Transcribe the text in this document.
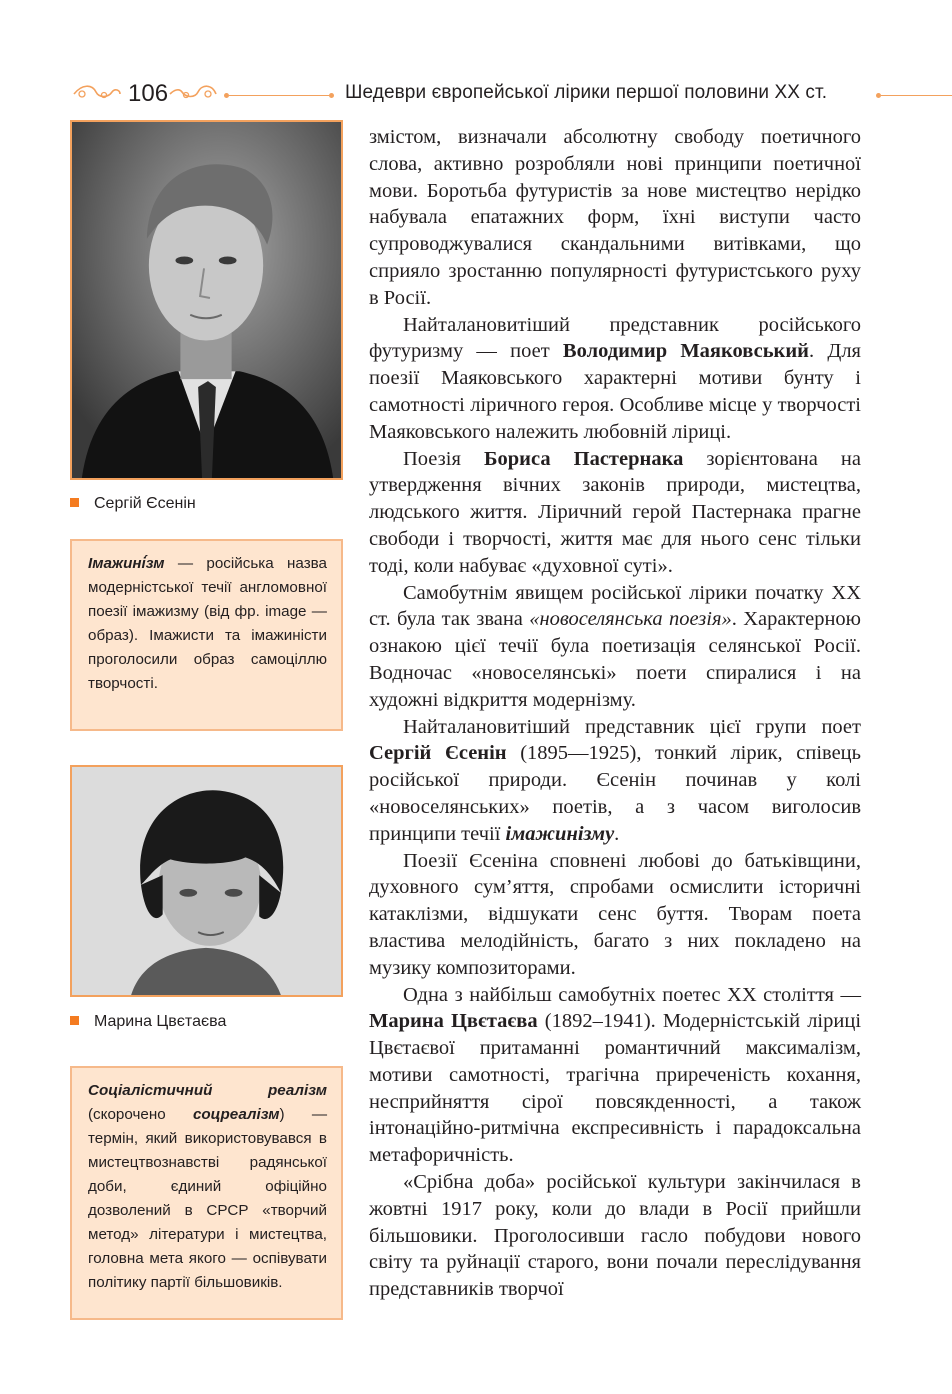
106	Шедеври європейської лірики першої половини ХХ ст.
Сергій Єсенін
Імажині́зм — російська назва модерністської течії англомовної поезії імажизму (від фр. image — образ). Імажисти та імажиністи проголосили образ самоціллю творчості.
Марина Цвєтаєва
Соціалістичний реалізм (скорочено соцреалізм) — термін, який використовувався в мистецтвознавстві радянської доби, єдиний офіційно дозволений в СРСР «творчий метод» літератури і мистецтва, головна мета якого — оспівувати політику партії більшовиків.

змістом, визначали абсолютну свободу поетичного слова, активно розробляли нові принципи поетичної мови. Боротьба футуристів за нове мистецтво нерідко набувала епатажних форм, їхні виступи часто супроводжувалися скандальними витівками, що сприяло зростанню популярності футуристського руху в Росії.

Найталановитіший представник російського футуризму — поет Володимир Маяковський. Для поезії Маяковського характерні мотиви бунту і самотності ліричного героя. Особливе місце у творчості Маяковського належить любовній ліриці.

Поезія Бориса Пастернака зорієнтована на утвердження вічних законів природи, мистецтва, людського життя. Ліричний герой Пастернака прагне свободи і творчості, життя має для нього сенс тільки тоді, коли набуває «духовної суті».

Самобутнім явищем російської лірики початку ХХ ст. була так звана «новоселянська поезія». Характерною ознакою цієї течії була поетизація селянської Росії. Водночас «новоселянські» поети спиралися і на художні відкриття модернізму.

Найталановитіший представник цієї групи поет Сергій Єсенін (1895—1925), тонкий лірик, співець російської природи. Єсенін починав у колі «новоселянських» поетів, а з часом виголосив принципи течії імажинізму.

Поезії Єсеніна сповнені любові до батьківщини, духовного сум’яття, спробами осмислити історичні катаклізми, відшукати сенс буття. Творам поета властива мелодійність, багато з них покладено на музику композиторами.

Одна з найбільш самобутніх поетес ХХ століття — Марина Цвєтаєва (1892–1941). Модерністській ліриці Цвєтаєвої притаманні романтичний максималізм, мотиви самотності, трагічна приреченість кохання, несприйняття сірої повсякденності, а також інтонаційно-ритмічна експресивність і парадоксальна метафоричність.

«Срібна доба» російської культури закінчилася в жовтні 1917 року, коли до влади в Росії прийшли більшовики. Проголосивши гасло побудови нового світу та руйнації старого, вони почали переслідування представників творчої
